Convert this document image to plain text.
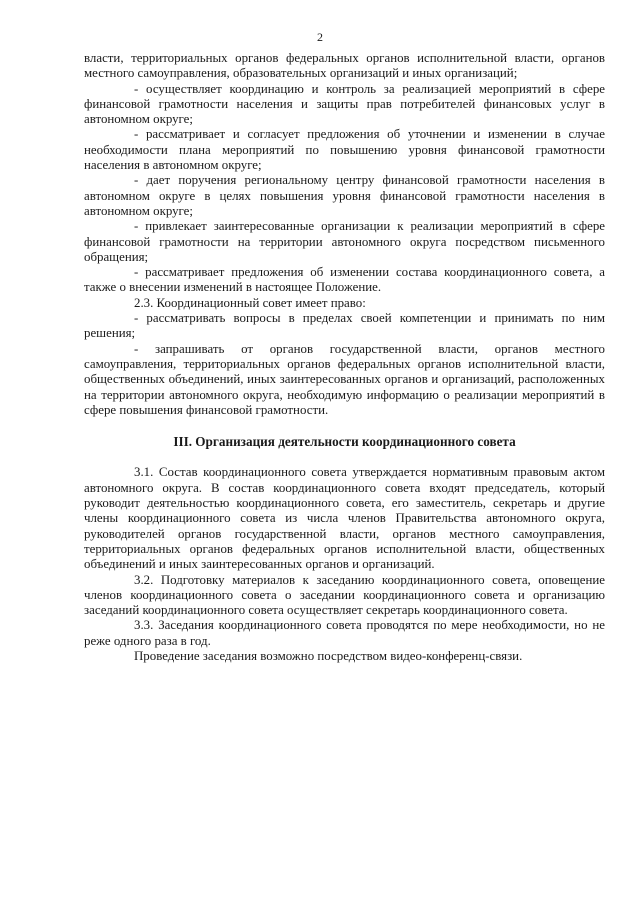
2

власти, территориальных органов федеральных органов исполнительной власти, органов местного самоуправления, образовательных организаций и иных организаций;

- осуществляет координацию и контроль за реализацией мероприятий в сфере финансовой грамотности населения и защиты прав потребителей финансовых услуг в автономном округе;

- рассматривает и согласует предложения об уточнении и изменении в случае необходимости плана мероприятий по повышению уровня финансовой грамотности населения в автономном округе;

- дает поручения региональному центру финансовой грамотности населения в автономном округе в целях повышения уровня финансовой грамотности населения в автономном округе;

- привлекает заинтересованные организации к реализации мероприятий в сфере финансовой грамотности на территории автономного округа посредством письменного обращения;

- рассматривает предложения об изменении состава координационного совета, а также о внесении изменений в настоящее Положение.

2.3. Координационный совет имеет право:

- рассматривать вопросы в пределах своей компетенции и принимать по ним решения;

- запрашивать от органов государственной власти, органов местного самоуправления, территориальных органов федеральных органов исполнительной власти, общественных объединений, иных заинтересованных органов и организаций, расположенных на территории автономного округа, необходимую информацию о реализации мероприятий в сфере повышения финансовой грамотности.

III. Организация деятельности координационного совета

3.1. Состав координационного совета утверждается нормативным правовым актом автономного округа. В состав координационного совета входят председатель, который руководит деятельностью координационного совета, его заместитель, секретарь и другие члены координационного совета из числа членов Правительства автономного округа, руководителей органов государственной власти, органов местного самоуправления, территориальных органов федеральных органов исполнительной власти, общественных объединений и иных заинтересованных органов и организаций.

3.2. Подготовку материалов к заседанию координационного совета, оповещение членов координационного совета о заседании координационного совета и организацию заседаний координационного совета осуществляет секретарь координационного совета.

3.3. Заседания координационного совета проводятся по мере необходимости, но не реже одного раза в год.

Проведение заседания возможно посредством видео-конференц-связи.
